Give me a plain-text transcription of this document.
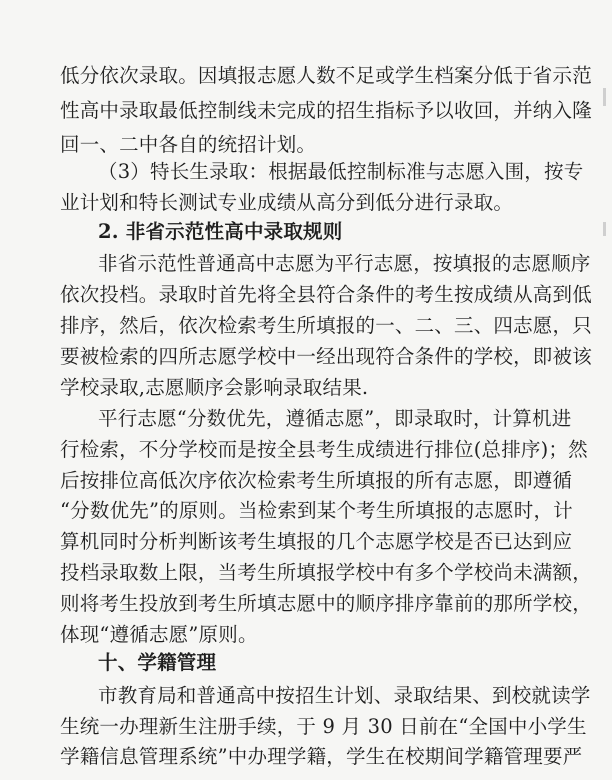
低分依次录取。因填报志愿人数不足或学生档案分低于省示范
性高中录取最低控制线未完成的招生指标予以收回，并纳入隆
回一、二中各自的统招计划。
（3）特长生录取：根据最低控制标准与志愿入围，按专
业计划和特长测试专业成绩从高分到低分进行录取。
2. 非省示范性高中录取规则
非省示范性普通高中志愿为平行志愿，按填报的志愿顺序
依次投档。录取时首先将全县符合条件的考生按成绩从高到低
排序，然后，依次检索考生所填报的一、二、三、四志愿，只
要被检索的四所志愿学校中一经出现符合条件的学校，即被该
学校录取,志愿顺序会影响录取结果.
平行志愿“分数优先，遵循志愿”，即录取时，计算机进
行检索，不分学校而是按全县考生成绩进行排位(总排序)；然
后按排位高低次序依次检索考生所填报的所有志愿，即遵循
“分数优先”的原则。当检索到某个考生所填报的志愿时，计
算机同时分析判断该考生填报的几个志愿学校是否已达到应
投档录取数上限，当考生所填报学校中有多个学校尚未满额，
则将考生投放到考生所填志愿中的顺序排序靠前的那所学校，
体现“遵循志愿”原则。
十、学籍管理
市教育局和普通高中按招生计划、录取结果、到校就读学
生统一办理新生注册手续，于 9 月 30 日前在“全国中小学生
学籍信息管理系统”中办理学籍，学生在校期间学籍管理要严
